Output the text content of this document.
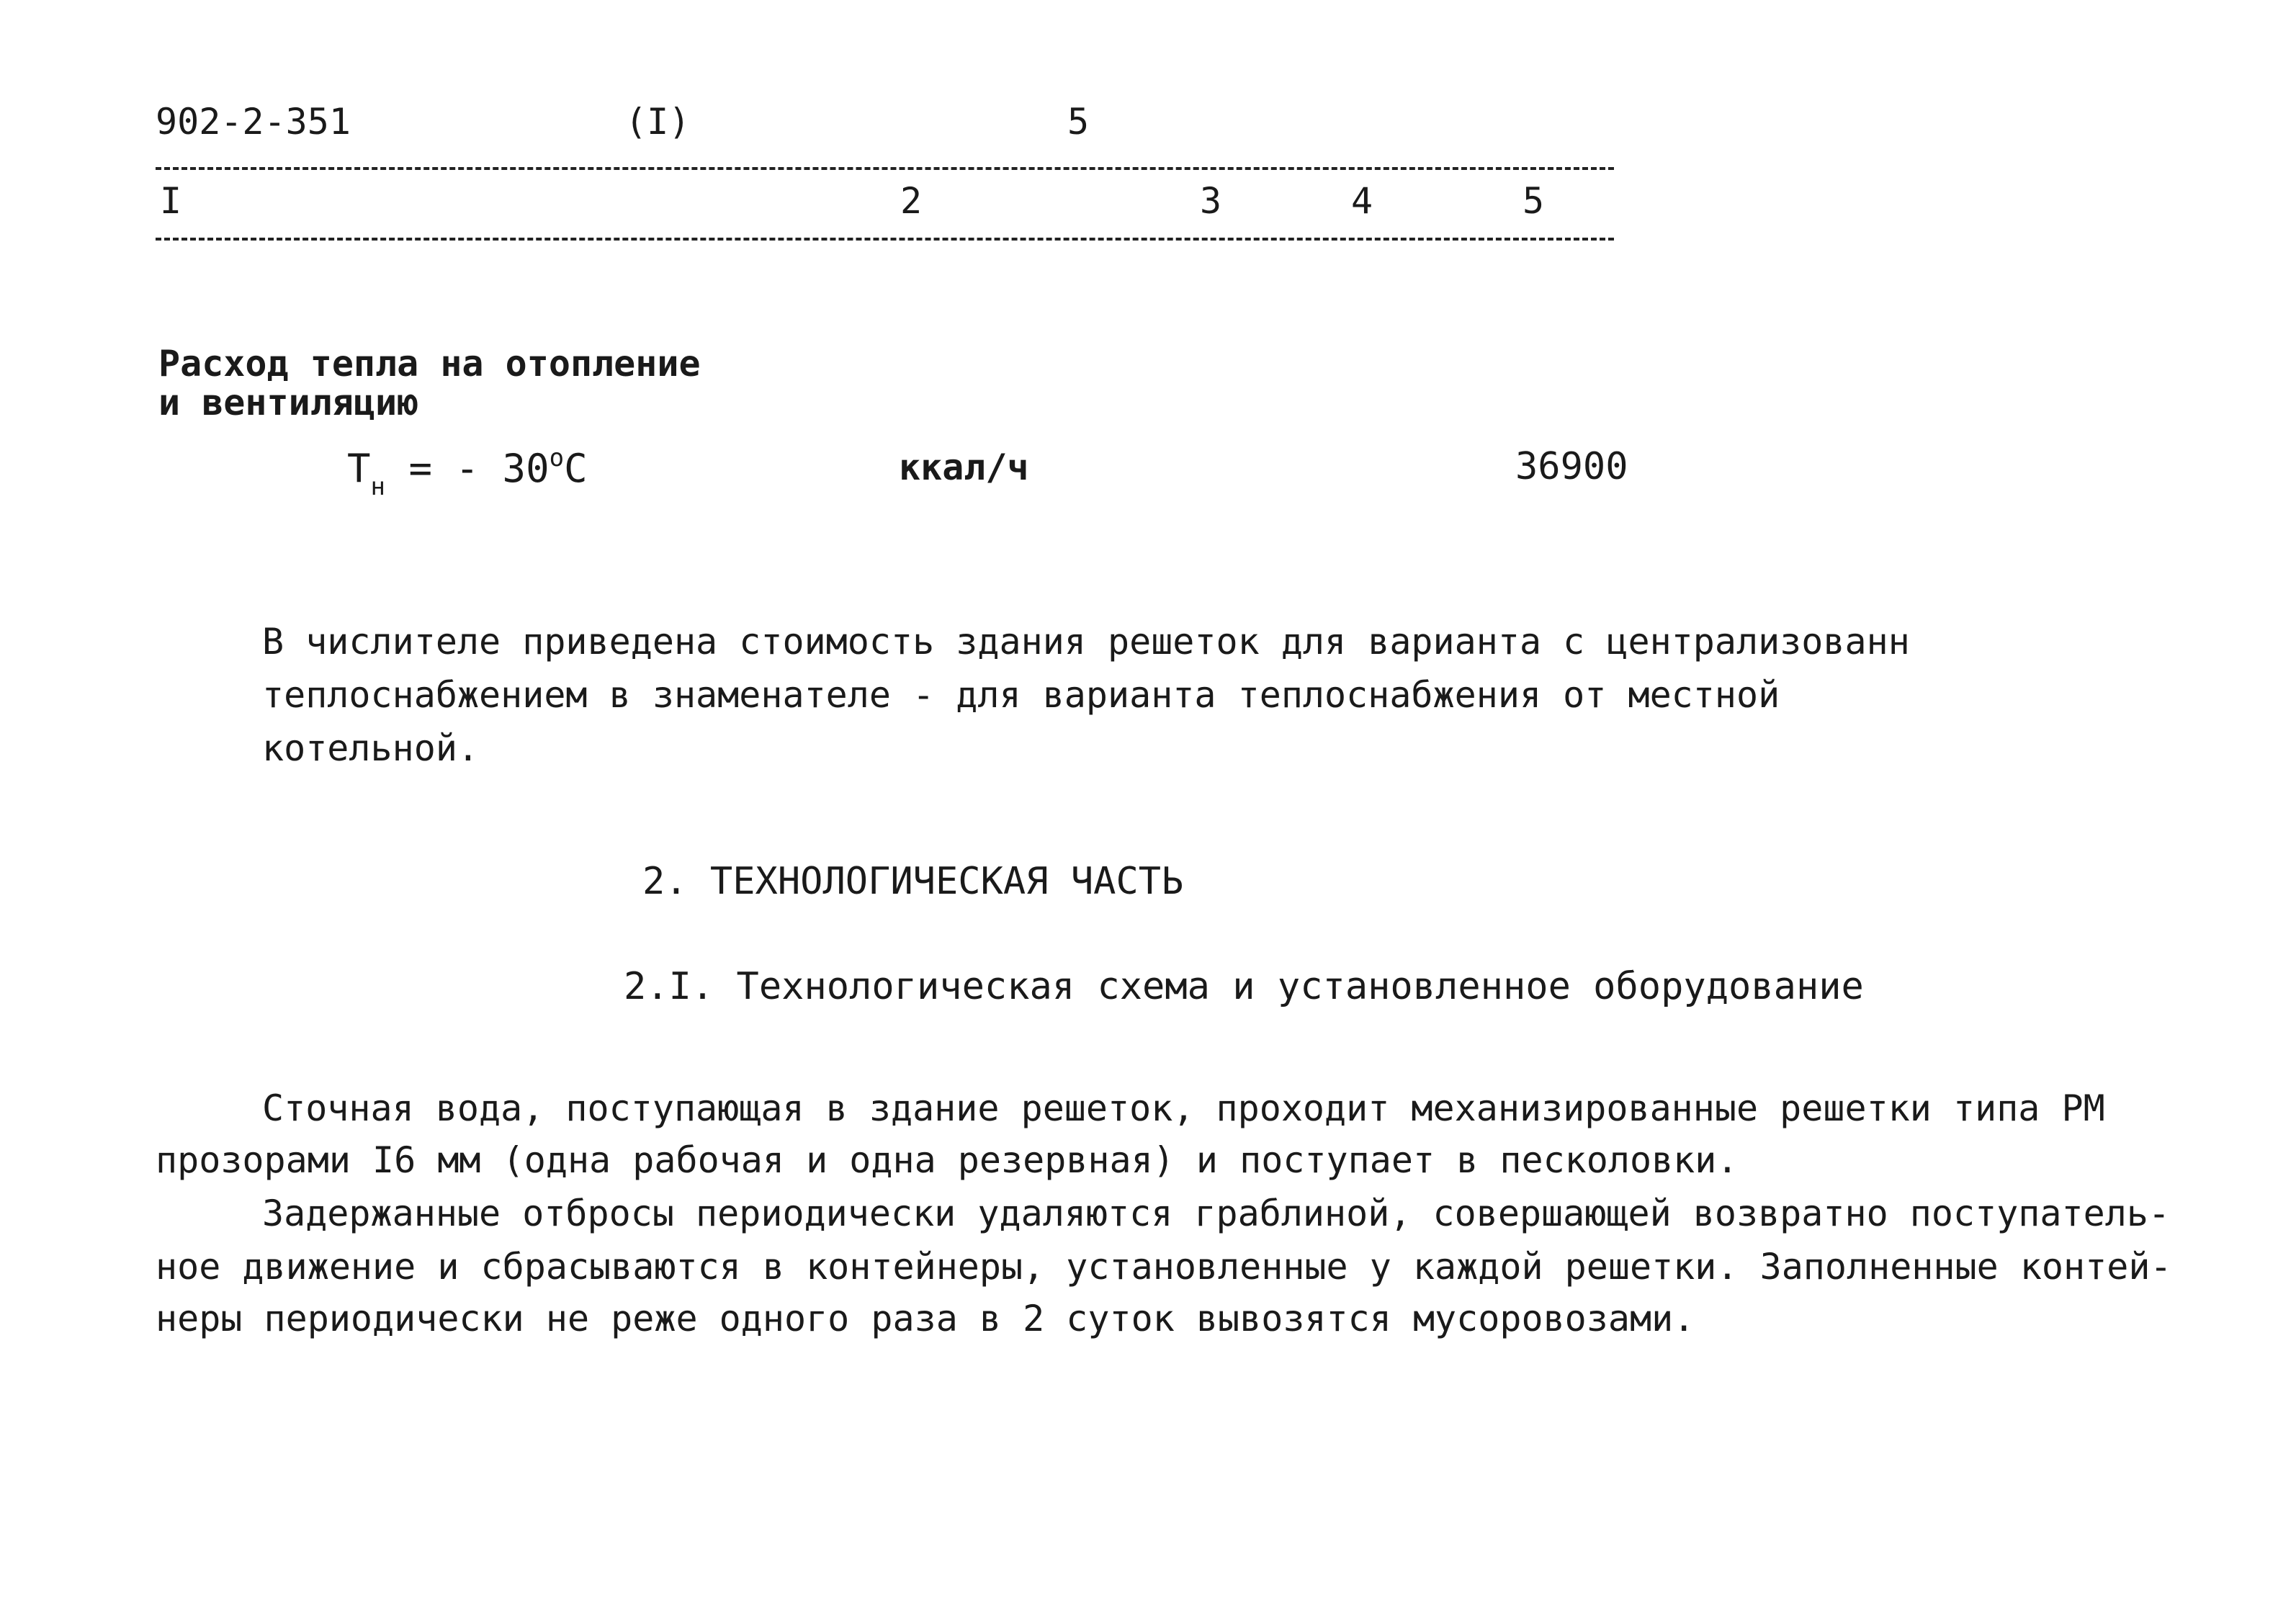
902-2-351	(I)	5
I	2	3	4	5
Расход тепла на отопление
и вентиляцию
$Т_н$ = - $30^оС$	ккал/ч	36900
В числителе приведена стоимость здания решеток для варианта с централизованн
теплоснабжением в знаменателе - для варианта теплоснабжения от местной
котельной.
2. ТЕХНОЛОГИЧЕСКАЯ ЧАСТЬ
2.I. Технологическая схема и установленное оборудование
Сточная вода, поступающая в здание решеток, проходит механизированные решетки типа РМ
прозорами I6 мм (одна рабочая и одна резервная) и поступает в песколовки.
Задержанные отбросы периодически удаляются граблиной, совершающей возвратно поступатель-
ное движение и сбрасываются в контейнеры, установленные у каждой решетки. Заполненные контей-
неры периодически не реже одного раза в 2 суток вывозятся мусоровозами.
